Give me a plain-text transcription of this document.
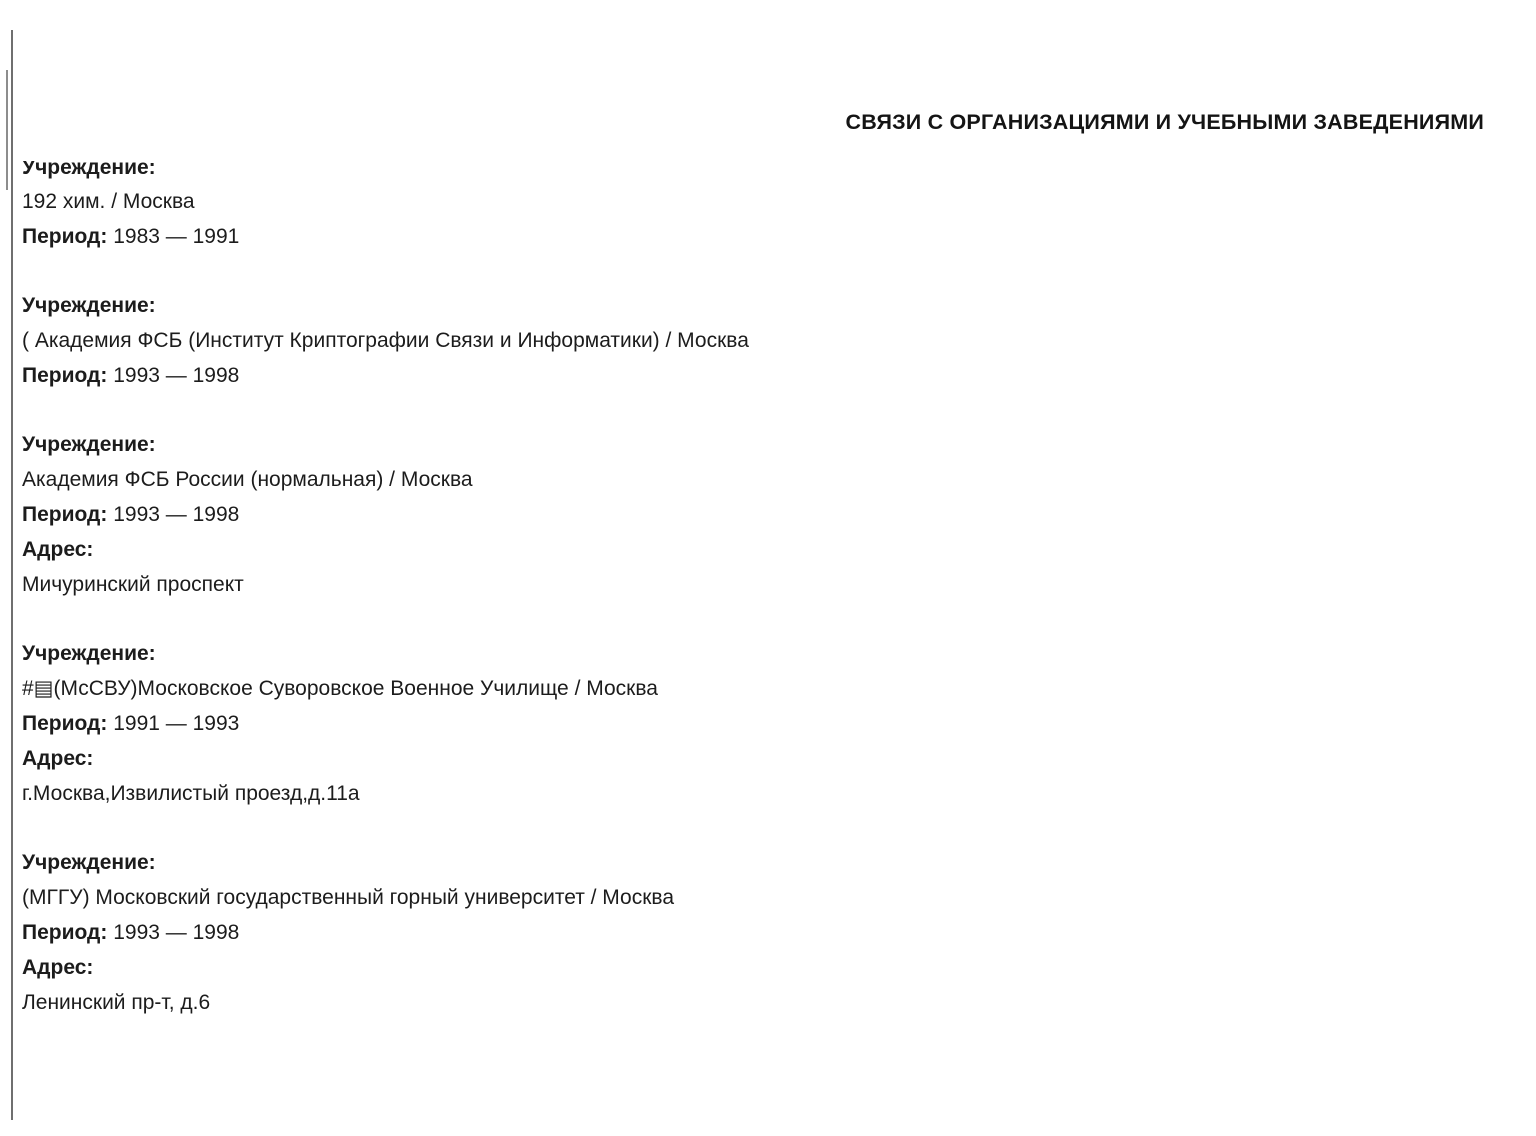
СВЯЗИ С ОРГАНИЗАЦИЯМИ И УЧЕБНЫМИ ЗАВЕДЕНИЯМИ
Учреждение:
192 хим. / Москва
Период: 1983 — 1991
Учреждение:
( Академия ФСБ (Институт Криптографии Связи и Информатики) / Москва
Период: 1993 — 1998
Учреждение:
Академия ФСБ России (нормальная) / Москва
Период: 1993 — 1998
Адрес:
Мичуринский проспект
Учреждение:
#▤(МсСВУ)Московское Суворовское Военное Училище / Москва
Период: 1991 — 1993
Адрес:
г.Москва,Извилистый проезд,д.11а
Учреждение:
(МГГУ) Московский государственный горный университет / Москва
Период: 1993 — 1998
Адрес:
Ленинский пр-т, д.6
